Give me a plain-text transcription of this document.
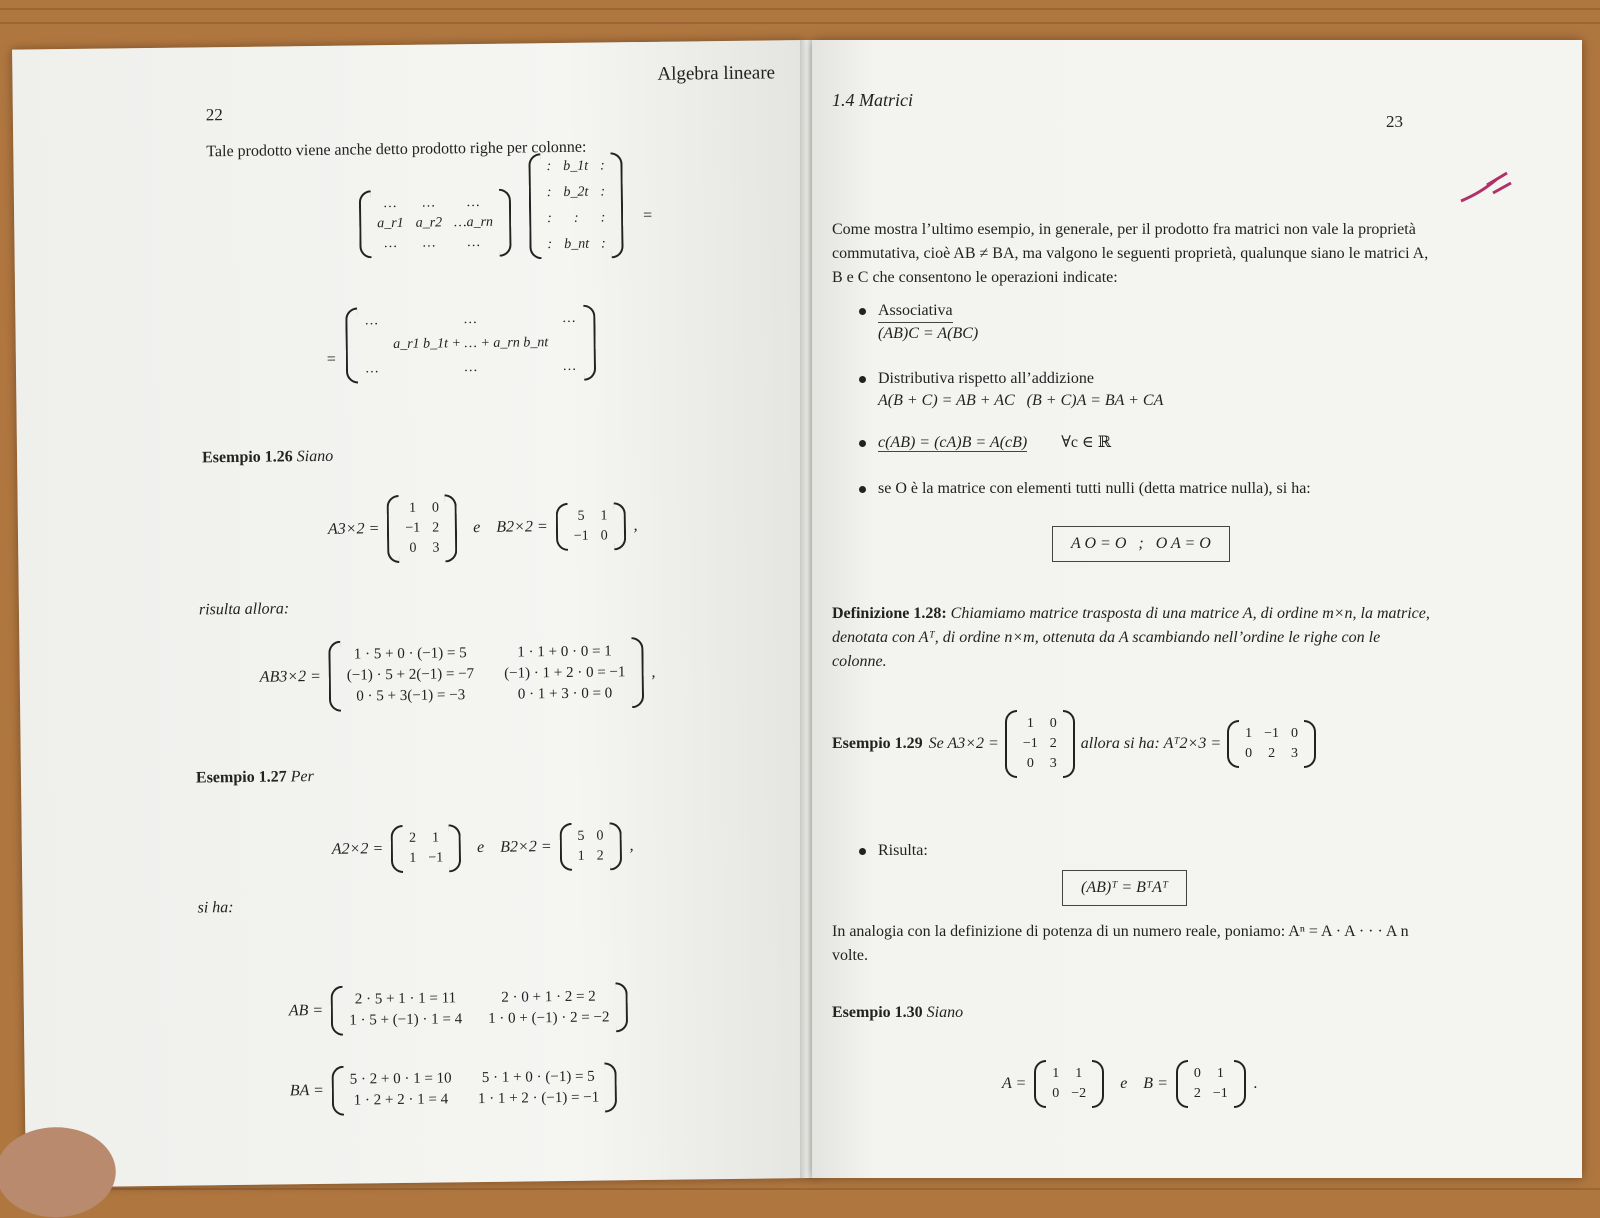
Algebra lineare
22
Tale prodotto viene anche detto prodotto righe per colonne:
… … …
a_r1 a_r2 …a_rn
… … …
: b_1t :
: b_2t :
: : :
: b_nt :
=
=
…	…	…
a_r1 b_1t + … + a_rn b_nt
…	…	…
Esempio 1.26 Siano
A3×2 =
1 0
−1 2
0 3
e B2×2 =
5 1
−1 0
,
risulta allora:
AB3×2 =
1 · 5 + 0 · (−1) = 5	1 · 1 + 0 · 0 = 1
(−1) · 5 + 2(−1) = −7 (−1) · 1 + 2 · 0 = −1
0 · 5 + 3(−1) = −3	0 · 1 + 3 · 0 = 0
,
Esempio 1.27 Per
A2×2 =
2 1
1 −1
e B2×2 =
5 0
1 2
,
si ha:
AB =
2 · 5 + 1 · 1 = 11	2 · 0 + 1 · 2 = 2
1 · 5 + (−1) · 1 = 4 1 · 0 + (−1) · 2 = −2
BA =
5 · 2 + 0 · 1 = 10 5 · 1 + 0 · (−1) = 5
1 · 2 + 2 · 1 = 4 1 · 1 + 2 · (−1) = −1
1.4 Matrici
23
Come mostra l’ultimo esempio, in generale, per il prodotto fra matrici non vale la proprietà commutativa, cioè AB ≠ BA, ma valgono le seguenti proprietà, qualunque siano le matrici A, B e C che consentono le operazioni indicate:
Associativa
(AB)C = A(BC)
Distributiva rispetto all’addizione
A(B + C) = AB + AC   (B + C)A = BA + CA
c(AB) = (cA)B = A(cB) ∀c ∈ ℝ
se O è la matrice con elementi tutti nulli (detta matrice nulla), si ha:
A O = O   ;   O A = O
Definizione 1.28: Chiamiamo matrice trasposta di una matrice A, di ordine m×n, la matrice, denotata con Aᵀ, di ordine n×m, ottenuta da A scambiando nell’ordine le righe con le colonne.
Esempio 1.29 Se A3×2 =
1 0
−1 2
0 3
allora si ha: Aᵀ2×3 =
1 −1 0
0 2 3
Risulta:
(AB)ᵀ = BᵀAᵀ
In analogia con la definizione di potenza di un numero reale, poniamo: Aⁿ = A · A · · · A n volte.
Esempio 1.30 Siano
A =
1 1
0 −2
e B =
0 1
2 −1
.
